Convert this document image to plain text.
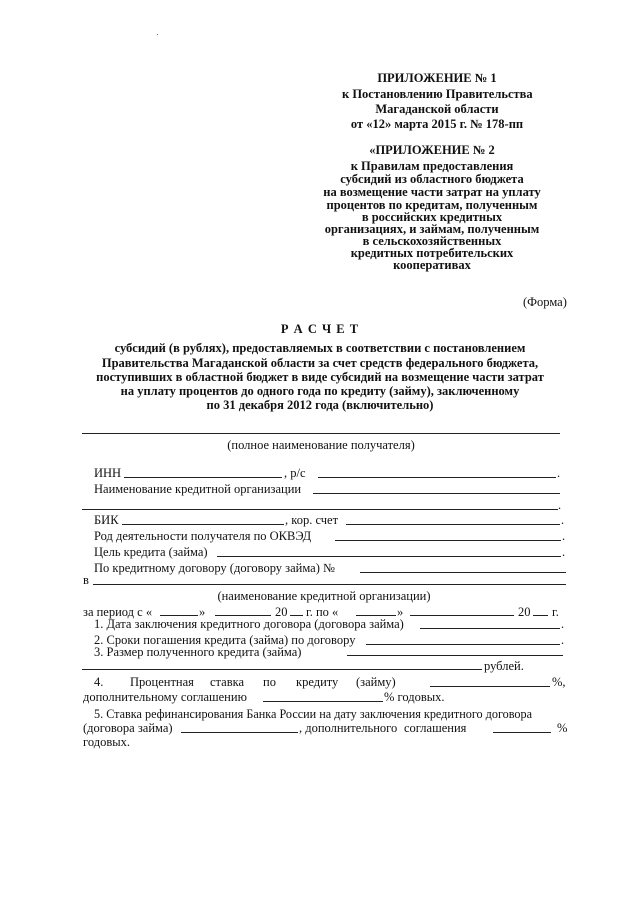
ПРИЛОЖЕНИЕ № 1
к Постановлению Правительства
Магаданской области
от «12» марта 2015 г. № 178-пп
«ПРИЛОЖЕНИЕ № 2
к Правилам предоставления
субсидий из областного бюджета
на возмещение части затрат на уплату
процентов по кредитам, полученным
в российских кредитных
организациях, и займам, полученным
в сельскохозяйственных
кредитных потребительских
кооперативах
(Форма)
Р А С Ч Е Т
субсидий (в рублях), предоставляемых в соответствии с постановлением
Правительства Магаданской области за счет средств федерального бюджета,
поступивших в областной бюджет в виде субсидий на возмещение части затрат
на уплату процентов до одного года по кредиту (займу), заключенному
по 31 декабря 2012 года (включительно)
(полное наименование получателя)
ИНН	, р/с	.
Наименование кредитной организации
.
БИК	, кор. счет	.
Род деятельности получателя по ОКВЭД	.
Цель кредита (займа)	.
По кредитному договору (договору займа) №
в
(наименование кредитной организации)
за период с «	»	20 г. по «	»	20 г.
1. Дата заключения кредитного договора (договора займа)	.
2. Сроки погашения кредита (займа) по договору	.
3. Размер полученного кредита (займа)
рублей.
4. Процентная ставка по кредиту (займу)	%,
дополнительному соглашению	% годовых.
5. Ставка рефинансирования Банка России на дату заключения кредитного договора
(договора займа)	, дополнительного соглашения	%
годовых.
